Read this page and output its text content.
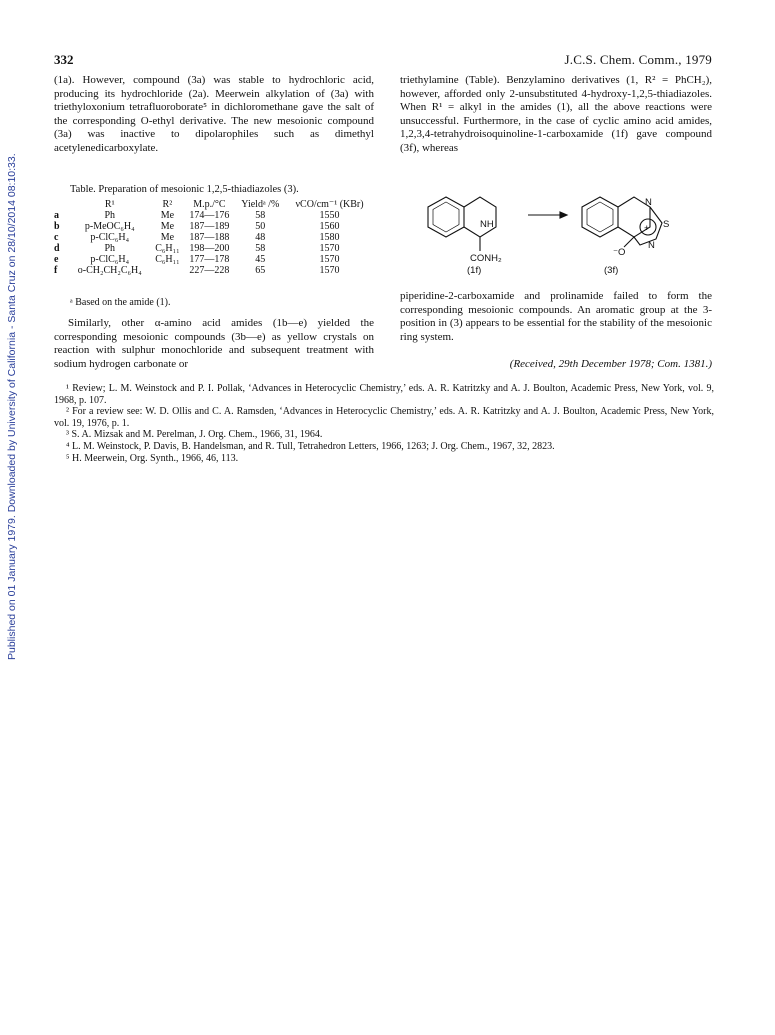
Published on 01 January 1979. Downloaded by University of California - Santa Cruz on 28/10/2014 08:10:33.
332	J.C.S. Chem. Comm., 1979

(1a). However, compound (3a) was stable to hydrochloric acid, producing its hydrochloride (2a). Meerwein alkylation of (3a) with triethyloxonium tetrafluoroborate⁵ in dichloromethane gave the salt of the corresponding O-ethyl derivative. The new mesoionic compound (3a) was inactive to dipolarophiles such as dimethyl acetylenedicarboxylate.

Table. Preparation of mesoionic 1,2,5-thiadiazoles (3).
	R¹	R²	M.p./°C	Yieldᵃ /%	νCO/cm⁻¹ (KBr)
a	Ph	Me	174—176	58	1550
b	p-MeOC₆H₄	Me	187—189	50	1560
c	p-ClC₆H₄	Me	187—188	48	1580
d	Ph	C₆H₁₁	198—200	58	1570
e	p-ClC₆H₄	C₆H₁₁	177—178	45	1570
f	o-CH₂CH₂C₆H₄		227—228	65	1570
ᵃ Based on the amide (1).

Similarly, other α-amino acid amides (1b—e) yielded the corresponding mesoionic compounds (3b—e) as yellow crystals on reaction with sulphur monochloride and subsequent treatment with sodium hydrogen carbonate or

triethylamine (Table). Benzylamino derivatives (1, R² = PhCH₂), however, afforded only 2-unsubstituted 4-hydroxy-1,2,5-thiadiazoles. When R¹ = alkyl in the amides (1), all the above reactions were unsuccessful. Furthermore, in the case of cyclic amino acid amides, 1,2,3,4-tetrahydroisoquinoline-1-carboxamide (1f) gave compound (3f), whereas

NH
CONH₂
(1f)
N
S
+
N
⁻O
(3f)

piperidine-2-carboxamide and prolinamide failed to form the corresponding mesoionic compounds. An aromatic group at the 3-position in (3) appears to be essential for the stability of the mesoionic ring system.

(Received, 29th December 1978; Com. 1381.)

¹ Review; L. M. Weinstock and P. I. Pollak, ‘Advances in Heterocyclic Chemistry,’ eds. A. R. Katritzky and A. J. Boulton, Academic Press, New York, vol. 9, 1968, p. 107.

² For a review see: W. D. Ollis and C. A. Ramsden, ‘Advances in Heterocyclic Chemistry,’ eds. A. R. Katritzky and A. J. Boulton, Academic Press, New York, vol. 19, 1976, p. 1.

³ S. A. Mizsak and M. Perelman, J. Org. Chem., 1966, 31, 1964.

⁴ L. M. Weinstock, P. Davis, B. Handelsman, and R. Tull, Tetrahedron Letters, 1966, 1263; J. Org. Chem., 1967, 32, 2823.

⁵ H. Meerwein, Org. Synth., 1966, 46, 113.
